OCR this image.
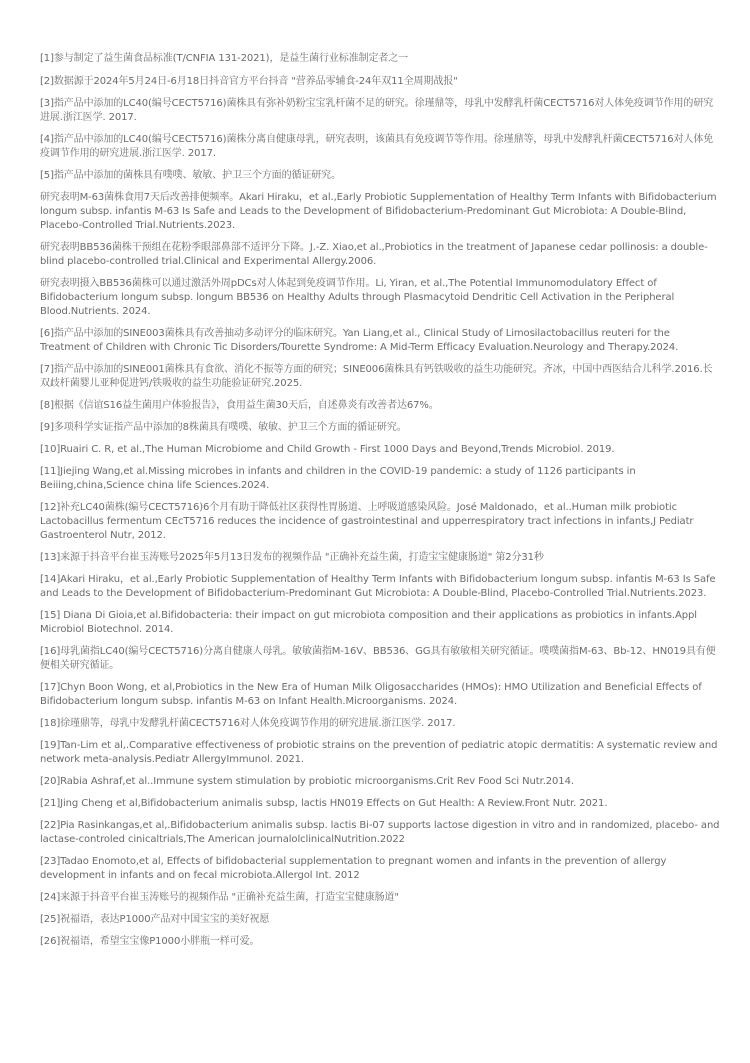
[1]参与制定了益生菌食品标准(T/CNFIA 131-2021)，是益生菌行业标准制定者之一

[2]数据源于2024年5月24日-6月18日抖音官方平台抖音 "营养品零辅食-24年双11全周期战报"

[3]指产品中添加的LC40(编号CECT5716)菌株具有弥补奶粉宝宝乳杆菌不足的研究。徐瑾鼎等，母乳中发酵乳杆菌CECT5716对人体免疫调节作用的研究进展.浙江医学. 2017.

[4]指产品中添加的LC40(编号CECT5716)菌株分离自健康母乳，研究表明，该菌具有免疫调节等作用。徐瑾鼎等，母乳中发酵乳杆菌CECT5716对人体免疫调节作用的研究进展.浙江医学. 2017.

[5]指产品中添加的菌株具有噗噗、敏敏、护卫三个方面的循证研究。

研究表明M-63菌株食用7天后改善排便频率。Akari Hiraku，et al.,Early Probiotic Supplementation of Healthy Term Infants with Bifidobacterium longum subsp. infantis M-63 Is Safe and Leads to the Development of Bifidobacterium-Predominant Gut Microbiota: A Double-Blind, Placebo-Controlled Trial.Nutrients.2023.

研究表明BB536菌株干预组在花粉季眼部鼻部不适评分下降。J.-Z. Xiao,et al.,Probiotics in the treatment of Japanese cedar pollinosis: a double-blind placebo-controlled trial.Clinical and Experimental Allergy.2006.

研究表明摄入BB536菌株可以通过激活外周pDCs对人体起到免疫调节作用。Li, Yiran, et al.,The Potential Immunomodulatory Effect of Bifidobacterium longum subsp. longum BB536 on Healthy Adults through Plasmacytoid Dendritic Cell Activation in the Peripheral Blood.Nutrients. 2024.

[6]指产品中添加的SINE003菌株具有改善抽动多动评分的临床研究。Yan Liang,et al., Clinical Study of Limosilactobacillus reuteri for the Treatment of Children with Chronic Tic Disorders/Tourette Syndrome: A Mid-Term Efficacy Evaluation.Neurology and Therapy.2024.

[7]指产品中添加的SINE001菌株具有食欲、消化不振等方面的研究；SINE006菌株具有钙铁吸收的益生功能研究。齐冰，中国中西医结合儿科学.2016.长双歧杆菌婴儿亚种促进钙/铁吸收的益生功能验证研究.2025.

[8]根据《信谊S16益生菌用户体验报告》，食用益生菌30天后，自述鼻炎有改善者达67%。

[9]多项科学实证指产品中添加的8株菌具有噗噗、敏敏、护卫三个方面的循证研究。

[10]Ruairi C. R, et al.,The Human Microbiome and Child Growth - First 1000 Days and Beyond,Trends Microbiol. 2019.

[11]Jiejing Wang,et al.Missing microbes in infants and children in the COVID-19 pandemic: a study of 1126 participants in Beiiing,china,Science china life Sciences.2024.

[12]补充LC40菌株(编号CECT5716)6个月有助于降低社区获得性胃肠道、上呼吸道感染风险。José Maldonado，et al..Human milk probiotic Lactobacillus fermentum CEcT5716 reduces the incidence of gastrointestinal and upperrespiratory tract infections in infants,J Pediatr Gastroenterol Nutr, 2012.

[13]来源于抖音平台崔玉涛账号2025年5月13日发布的视频作品 "正确补充益生菌，打造宝宝健康肠道" 第2分31秒

[14]Akari Hiraku，et al.,Early Probiotic Supplementation of Healthy Term Infants with Bifidobacterium longum subsp. infantis M-63 Is Safe and Leads to the Development of Bifidobacterium-Predominant Gut Microbiota: A Double-Blind, Placebo-Controlled Trial.Nutrients.2023.

[15] Diana Di Gioia,et al.Bifidobacteria: their impact on gut microbiota composition and their applications as probiotics in infants.Appl Microbiol Biotechnol. 2014.

[16]母乳菌指LC40(编号CECT5716)分离自健康人母乳。敏敏菌指M-16V、BB536、GG具有敏敏相关研究循证。噗噗菌指M-63、Bb-12、HN019具有便便相关研究循证。

[17]Chyn Boon Wong, et al,Probiotics in the New Era of Human Milk Oligosaccharides (HMOs): HMO Utilization and Beneficial Effects of Bifidobacterium longum subsp. infantis M-63 on Infant Health.Microorganisms. 2024.

[18]徐瑾鼎等，母乳中发酵乳杆菌CECT5716对人体免疫调节作用的研究进展.浙江医学. 2017.

[19]Tan-Lim et al,.Comparative effectiveness of probiotic strains on the prevention of pediatric atopic dermatitis: A systematic review and network meta-analysis.Pediatr AllergyImmunol. 2021.

[20]Rabia Ashraf,et al..Immune system stimulation by probiotic microorganisms.Crit Rev Food Sci Nutr.2014.

[21]Jing Cheng et al,Bifidobacterium animalis subsp, lactis HN019 Effects on Gut Health: A Review.Front Nutr. 2021.

[22]Pia Rasinkangas,et al,.Bifidobacterium animalis subsp. lactis Bi-07 supports lactose digestion in vitro and in randomized, placebo- and lactase-controled cinicaltrials,The American journalolclinicalNutrition.2022

[23]Tadao Enomoto,et al, Effects of bifidobacterial supplementation to pregnant women and infants in the prevention of allergy development in infants and on fecal microbiota.Allergol Int. 2012

[24]来源于抖音平台崔玉涛账号的视频作品 "正确补充益生菌，打造宝宝健康肠道"

[25]祝福语，表达P1000产品对中国宝宝的美好祝愿

[26]祝福语，希望宝宝像P1000小胖瓶一样可爱。
